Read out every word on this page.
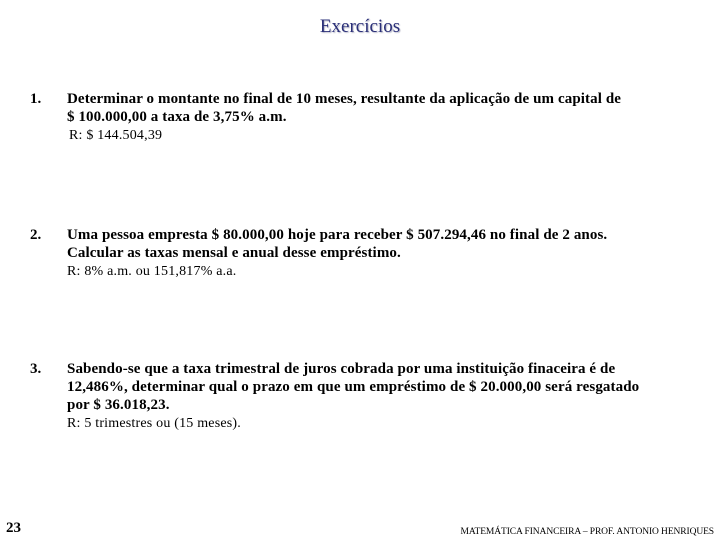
Exercícios
1.	Determinar o montante no final de 10 meses, resultante da aplicação de um capital de
$ 100.000,00 a taxa de 3,75% a.m.
R: $ 144.504,39
2.	Uma pessoa empresta $ 80.000,00 hoje para receber $ 507.294,46 no final de 2 anos.
Calcular as taxas mensal e anual desse empréstimo.
R: 8% a.m. ou 151,817% a.a.
3.	Sabendo-se que a taxa trimestral de juros cobrada por uma instituição finaceira é de
12,486%, determinar qual o prazo em que um empréstimo de $ 20.000,00 será resgatado
por $ 36.018,23.
R: 5 trimestres ou (15 meses).
23	MATEMÁTICA FINANCEIRA – PROF. ANTONIO HENRIQUES
